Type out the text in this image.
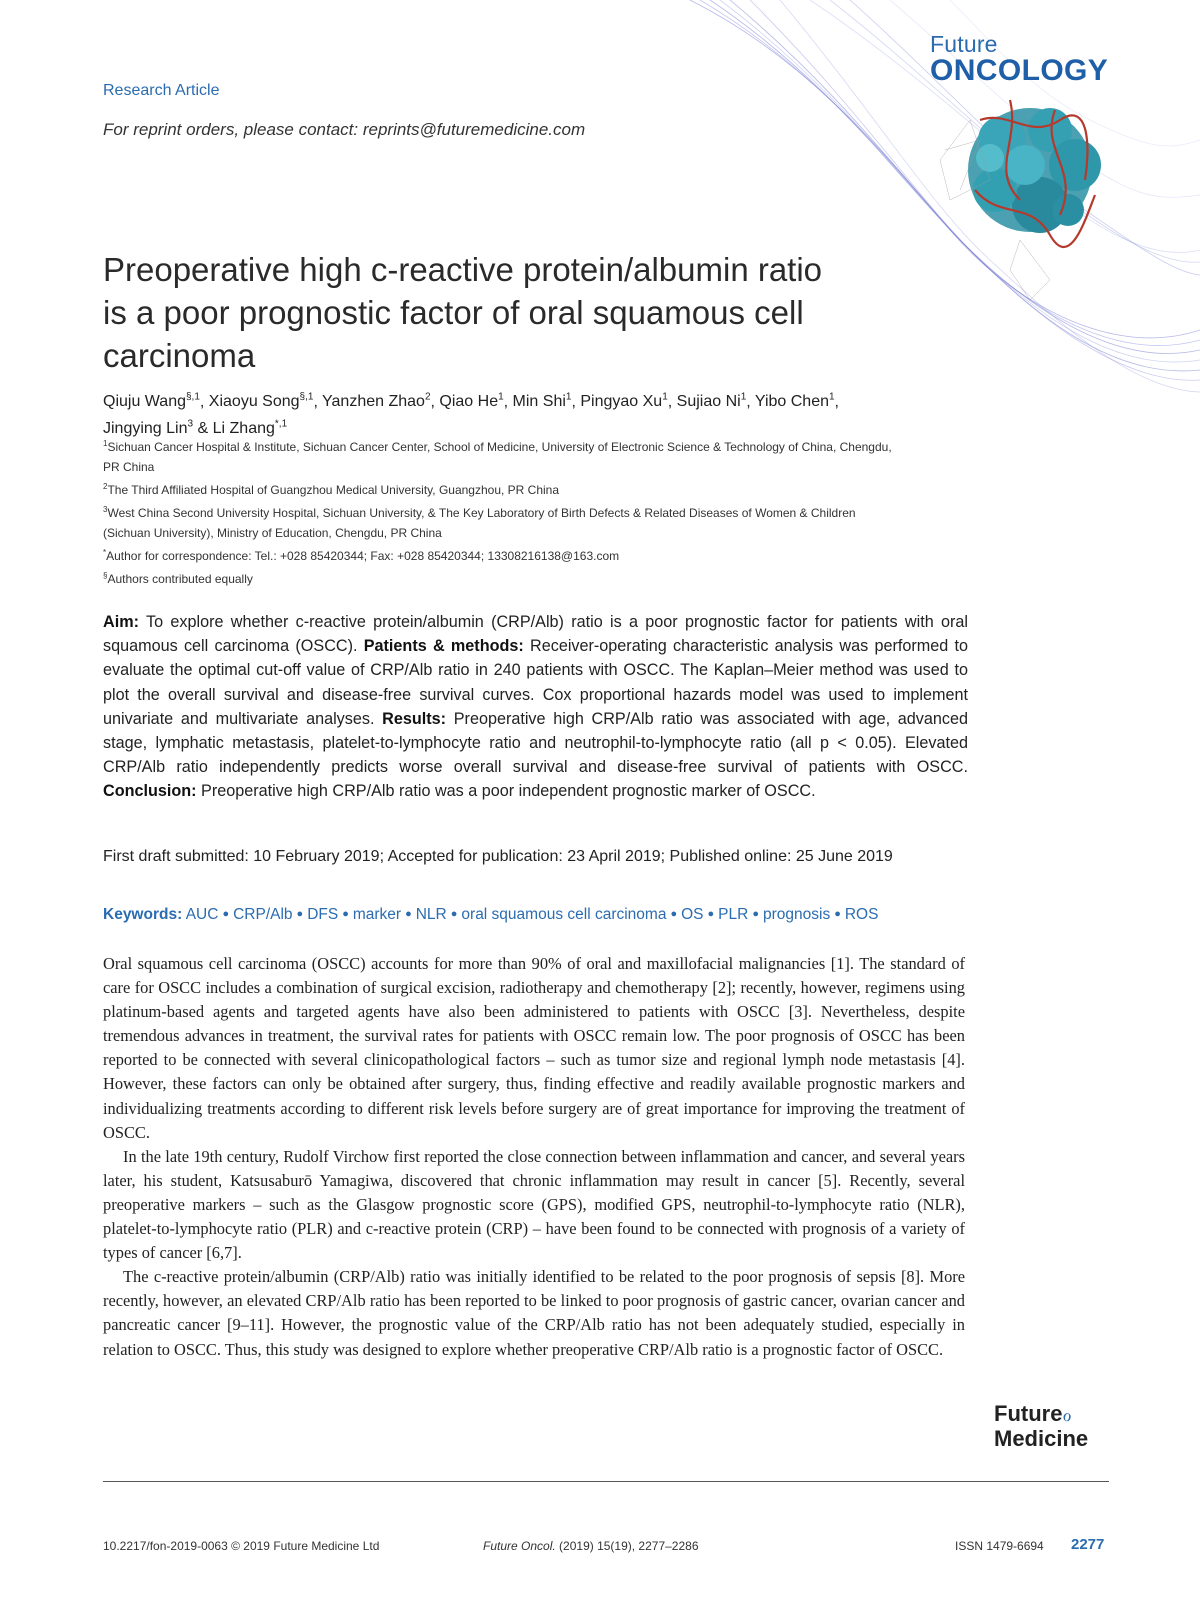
Future
ONCOLOGY
Research Article
For reprint orders, please contact: reprints@futuremedicine.com
Preoperative high c-reactive protein/albumin ratio is a poor prognostic factor of oral squamous cell carcinoma
Qiuju Wang$^{\S,1}$, Xiaoyu Song$^{\S,1}$, Yanzhen Zhao$^2$, Qiao He$^1$, Min Shi$^1$, Pingyao Xu$^1$, Sujiao Ni$^1$, Yibo Chen$^1$, Jingying Lin$^3$ & Li Zhang$^{*,1}$
$^1$Sichuan Cancer Hospital & Institute, Sichuan Cancer Center, School of Medicine, University of Electronic Science & Technology of China, Chengdu, PR China
$^2$The Third Affiliated Hospital of Guangzhou Medical University, Guangzhou, PR China
$^3$West China Second University Hospital, Sichuan University, & The Key Laboratory of Birth Defects & Related Diseases of Women & Children (Sichuan University), Ministry of Education, Chengdu, PR China
*Author for correspondence: Tel.: +028 85420344; Fax: +028 85420344; 13308216138@163.com
§Authors contributed equally
Aim: To explore whether c-reactive protein/albumin (CRP/Alb) ratio is a poor prognostic factor for patients with oral squamous cell carcinoma (OSCC). Patients & methods: Receiver-operating characteristic analysis was performed to evaluate the optimal cut-off value of CRP/Alb ratio in 240 patients with OSCC. The Kaplan–Meier method was used to plot the overall survival and disease-free survival curves. Cox proportional hazards model was used to implement univariate and multivariate analyses. Results: Preoperative high CRP/Alb ratio was associated with age, advanced stage, lymphatic metastasis, platelet-to-lymphocyte ratio and neutrophil-to-lymphocyte ratio (all p < 0.05). Elevated CRP/Alb ratio independently predicts worse overall survival and disease-free survival of patients with OSCC. Conclusion: Preoperative high CRP/Alb ratio was a poor independent prognostic marker of OSCC.
First draft submitted: 10 February 2019; Accepted for publication: 23 April 2019; Published online: 25 June 2019
Keywords: AUC ● CRP/Alb ● DFS ● marker ● NLR ● oral squamous cell carcinoma ● OS ● PLR ● prognosis ● ROS

Oral squamous cell carcinoma (OSCC) accounts for more than 90% of oral and maxillofacial malignancies [1]. The standard of care for OSCC includes a combination of surgical excision, radiotherapy and chemotherapy [2]; recently, however, regimens using platinum-based agents and targeted agents have also been administered to patients with OSCC [3]. Nevertheless, despite tremendous advances in treatment, the survival rates for patients with OSCC remain low. The poor prognosis of OSCC has been reported to be connected with several clinicopathological factors – such as tumor size and regional lymph node metastasis [4]. However, these factors can only be obtained after surgery, thus, finding effective and readily available prognostic markers and individualizing treatments according to different risk levels before surgery are of great importance for improving the treatment of OSCC.

In the late 19th century, Rudolf Virchow first reported the close connection between inflammation and cancer, and several years later, his student, Katsusaburō Yamagiwa, discovered that chronic inflammation may result in cancer [5]. Recently, several preoperative markers – such as the Glasgow prognostic score (GPS), modified GPS, neutrophil-to-lymphocyte ratio (NLR), platelet-to-lymphocyte ratio (PLR) and c-reactive protein (CRP) – have been found to be connected with prognosis of a variety of types of cancer [6,7].

The c-reactive protein/albumin (CRP/Alb) ratio was initially identified to be related to the poor prognosis of sepsis [8]. More recently, however, an elevated CRP/Alb ratio has been reported to be linked to poor prognosis of gastric cancer, ovarian cancer and pancreatic cancer [9–11]. However, the prognostic value of the CRP/Alb ratio has not been adequately studied, especially in relation to OSCC. Thus, this study was designed to explore whether preoperative CRP/Alb ratio is a prognostic factor of OSCC.

Futureℴ
Medicine
10.2217/fon-2019-0063 © 2019 Future Medicine Ltd	Future Oncol. (2019) 15(19), 2277–2286	ISSN 1479-6694 2277
